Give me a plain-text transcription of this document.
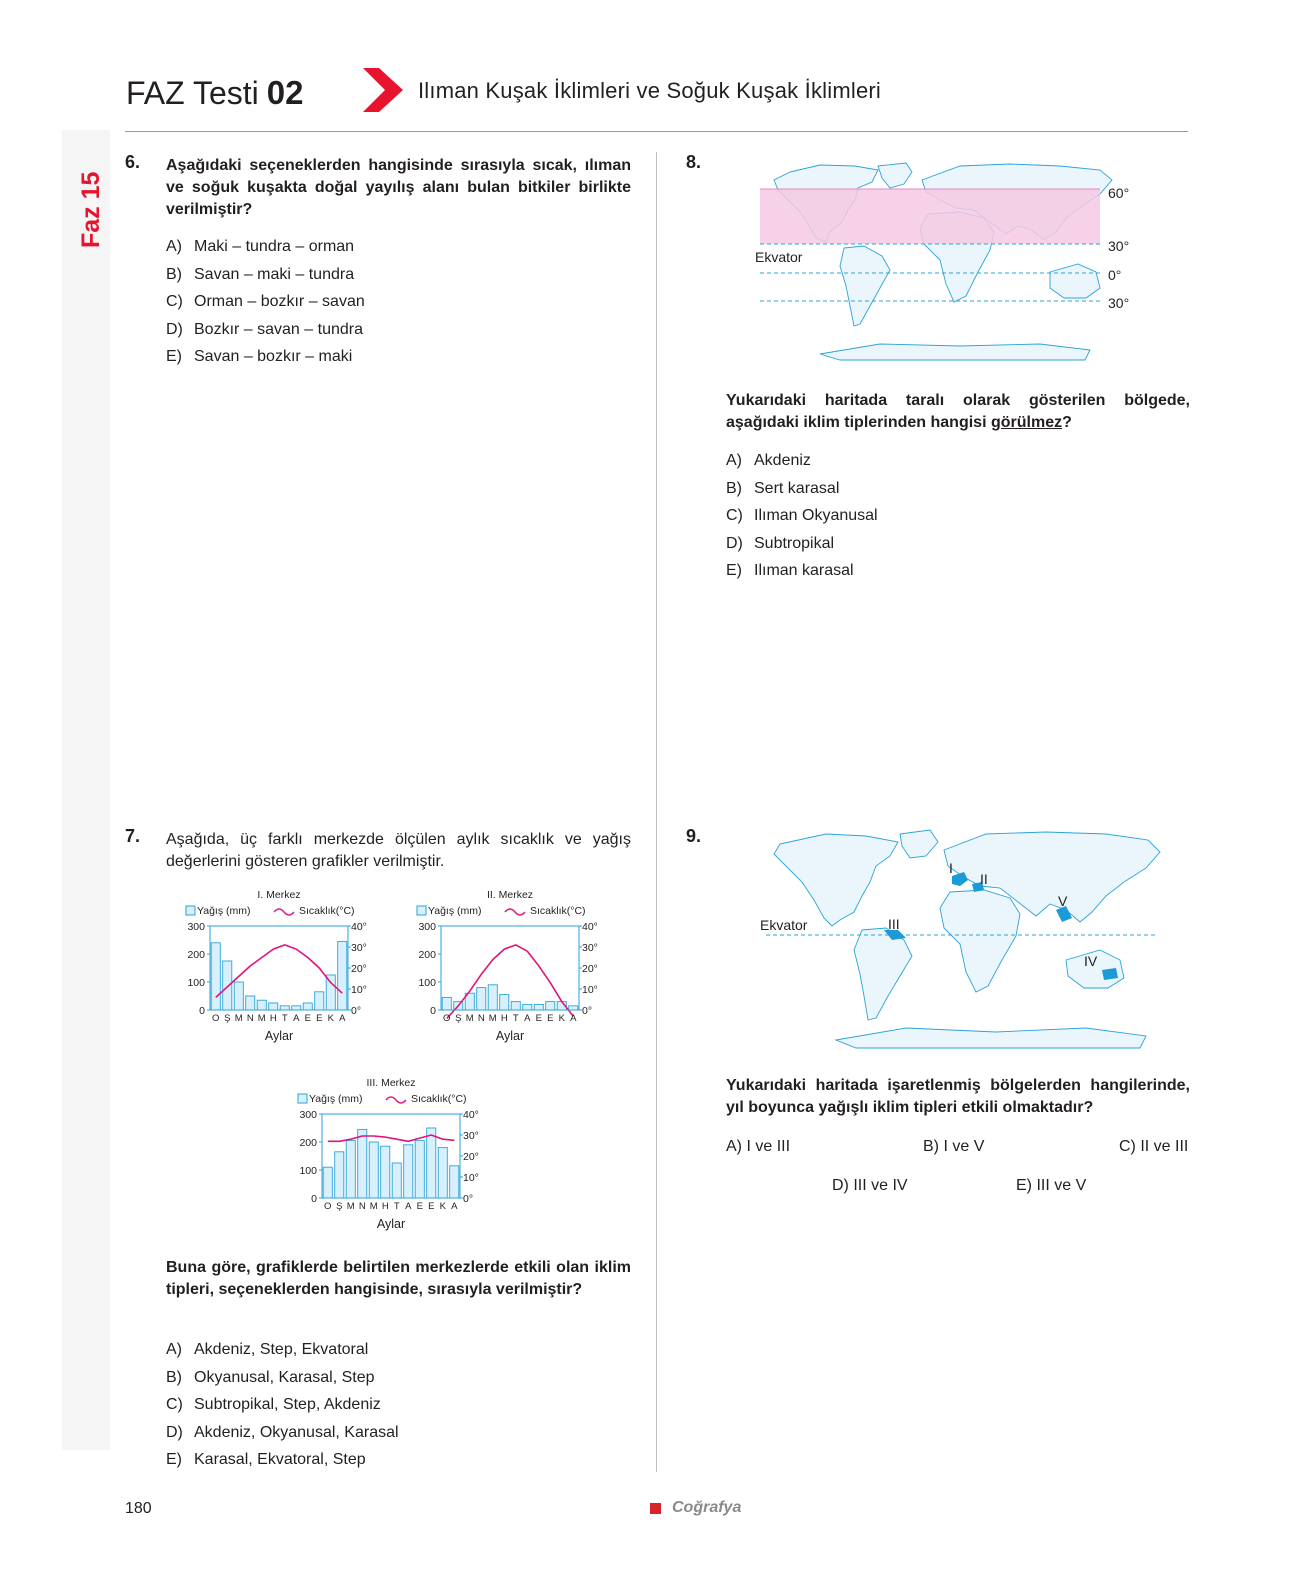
Faz 15
FAZ Testi 02	Ilıman Kuşak İklimleri ve Soğuk Kuşak İklimleri
6. Aşağıdaki seçeneklerden hangisinde sırasıyla sıcak, ılıman ve soğuk kuşakta doğal yayılış alanı bulan bitkiler birlikte verilmiştir?
A) Maki – tundra – orman
B) Savan – maki – tundra
C) Orman – bozkır – savan
D) Bozkır – savan – tundra
E) Savan – bozkır – maki
7. Aşağıda, üç farklı merkezde ölçülen aylık sıcaklık ve yağış değerlerini gösteren grafikler verilmiştir.
I. Merkez
Yağış (mm)	Sıcaklık(°C)
0
100
200
300
0°
10°
20°
30°
40°
O Ş M N M H T A E E K A
Aylar
II. Merkez
Yağış (mm)	Sıcaklık(°C)
0
100
200
300
0°
10°
20°
30°
40°
O Ş M N M H T A E E K A
Aylar
III. Merkez
Yağış (mm)	Sıcaklık(°C)
0
100
200
300
0°
10°
20°
30°
40°
O Ş M N M H T A E E K A
Aylar
Buna göre, grafiklerde belirtilen merkezlerde etkili olan iklim tipleri, seçeneklerden hangisinde, sırasıyla verilmiştir?
A) Akdeniz, Step, Ekvatoral
B) Okyanusal, Karasal, Step
C) Subtropikal, Step, Akdeniz
D) Akdeniz, Okyanusal, Karasal
E) Karasal, Ekvatoral, Step
8.
60°
30°
0°
30°
Ekvator
Yukarıdaki haritada taralı olarak gösterilen bölgede, aşağıdaki iklim tiplerinden hangisi görülmez?
A) Akdeniz
B) Sert karasal
C) Ilıman Okyanusal
D) Subtropikal
E) Ilıman karasal
9.
Ekvator
I
II
III
IV
V
Yukarıdaki haritada işaretlenmiş bölgelerden hangilerinde, yıl boyunca yağışlı iklim tipleri etkili olmaktadır?
A) I ve III	B) I ve V	C) II ve III
D) III ve IV	E) III ve V
180	Coğrafya
